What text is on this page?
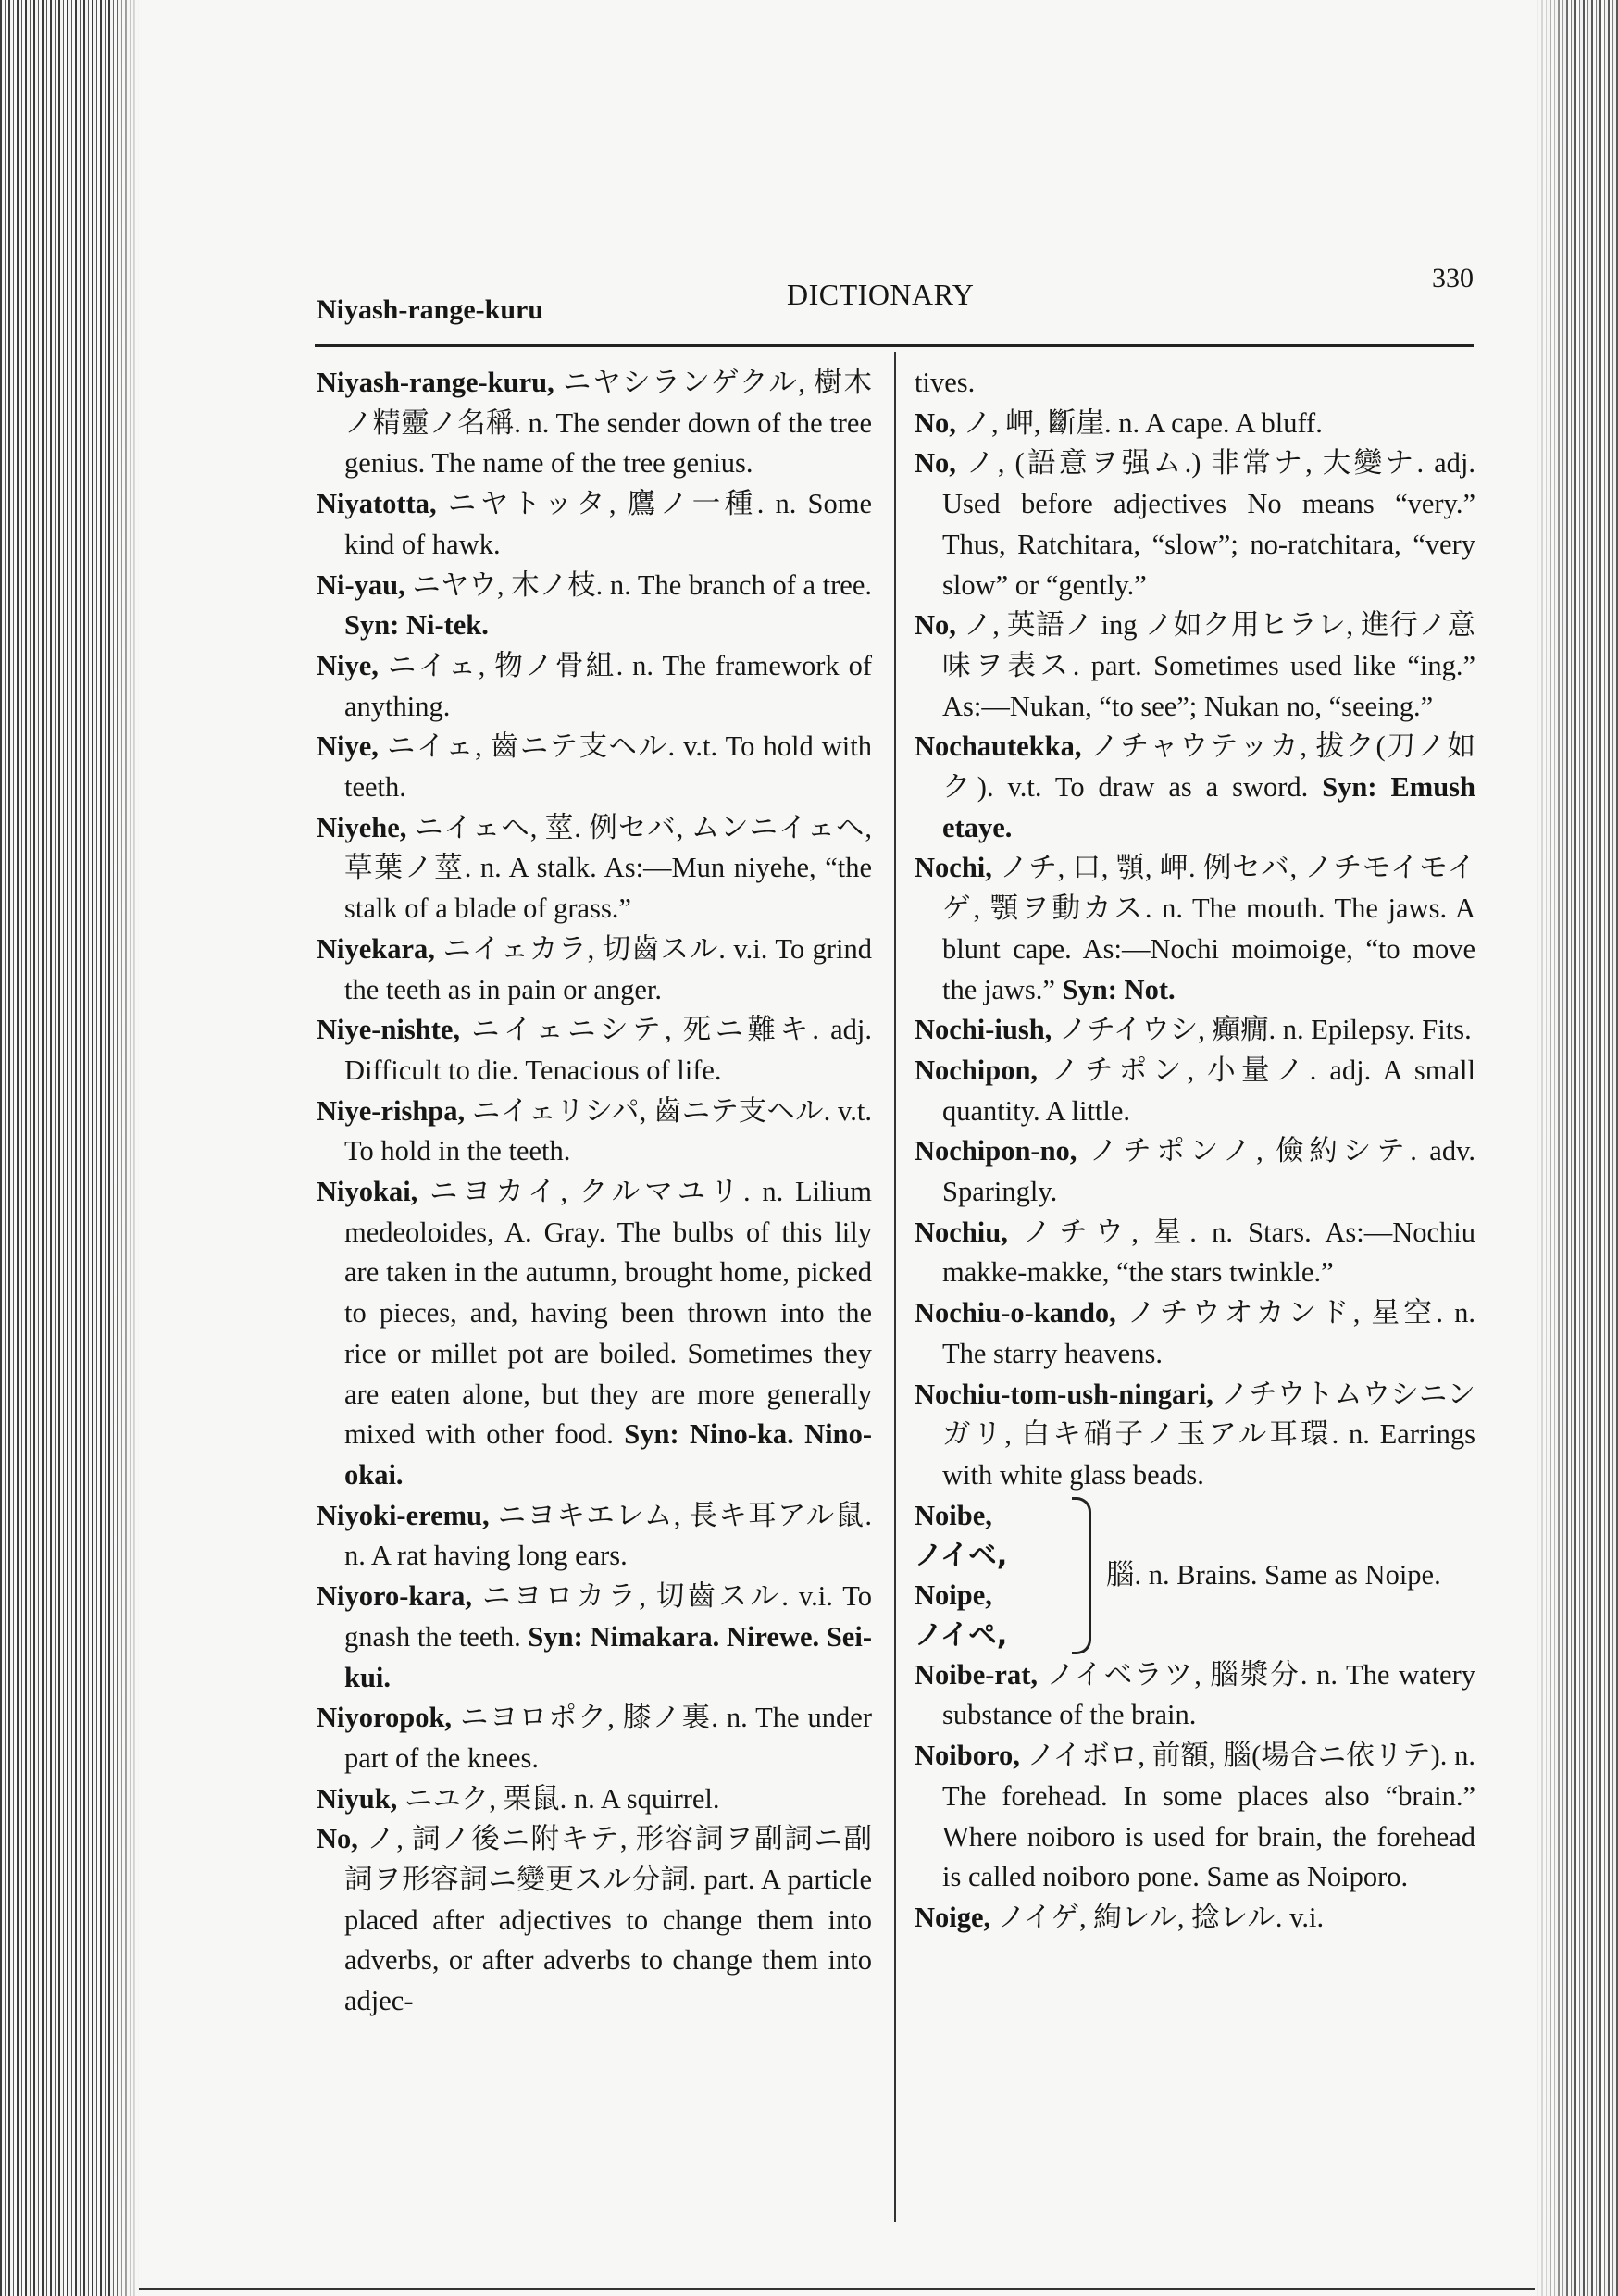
Niyash-range-kuru	DICTIONARY	330

Niyash-range-kuru, ニヤシランゲクル, 樹木ノ精靈ノ名稱. n. The sender down of the tree genius. The name of the tree genius.

Niyatotta, ニヤトッタ, 鷹ノ一種. n. Some kind of hawk.

Ni-yau, ニヤウ, 木ノ枝. n. The branch of a tree. Syn: Ni-tek.

Niye, ニイェ, 物ノ骨組. n. The framework of anything.

Niye, ニイェ, 齒ニテ支ヘル. v.t. To hold with teeth.

Niyehe, ニイェヘ, 莖. 例セバ, ムンニイェヘ, 草葉ノ莖. n. A stalk. As:—Mun niyehe, “the stalk of a blade of grass.”

Niyekara, ニイェカラ, 切齒スル. v.i. To grind the teeth as in pain or anger.

Niye-nishte, ニイェニシテ, 死ニ難キ. adj. Difficult to die. Tenacious of life.

Niye-rishpa, ニイェリシパ, 齒ニテ支ヘル. v.t. To hold in the teeth.

Niyokai, ニヨカイ, クルマユリ. n. Lilium medeoloides, A. Gray. The bulbs of this lily are taken in the autumn, brought home, picked to pieces, and, having been thrown into the rice or millet pot are boiled. Sometimes they are eaten alone, but they are more generally mixed with other food. Syn: Nino-ka. Nino-okai.

Niyoki-eremu, ニヨキエレム, 長キ耳アル鼠. n. A rat having long ears.

Niyoro-kara, ニヨロカラ, 切齒スル. v.i. To gnash the teeth. Syn: Nimakara. Nirewe. Sei-kui.

Niyoropok, ニヨロポク, 膝ノ裏. n. The under part of the knees.

Niyuk, ニユク, 栗鼠. n. A squirrel.

No, ノ, 詞ノ後ニ附キテ, 形容詞ヲ副詞ニ副詞ヲ形容詞ニ變更スル分詞. part. A particle placed after adjectives to change them into adverbs, or after adverbs to change them into adjec-

tives.

No, ノ, 岬, 斷崖. n. A cape. A bluff.

No, ノ, (語意ヲ强ム.) 非常ナ, 大變ナ. adj. Used before adjectives No means “very.” Thus, Ratchitara, “slow”; no-ratchitara, “very slow” or “gently.”

No, ノ, 英語ノ ing ノ如ク用ヒラレ, 進行ノ意味ヲ表ス. part. Sometimes used like “ing.” As:—Nukan, “to see”; Nukan no, “seeing.”

Nochautekka, ノチャウテッカ, 拔ク(刀ノ如ク). v.t. To draw as a sword. Syn: Emush etaye.

Nochi, ノチ, 口, 顎, 岬. 例セバ, ノチモイモイゲ, 顎ヲ動カス. n. The mouth. The jaws. A blunt cape. As:—Nochi moimoige, “to move the jaws.” Syn: Not.

Nochi-iush, ノチイウシ, 癲癇. n. Epilepsy. Fits.

Nochipon, ノチポン, 小量ノ. adj. A small quantity. A little.

Nochipon-no, ノチポンノ, 儉約シテ. adv. Sparingly.

Nochiu, ノチウ, 星. n. Stars. As:—Nochiu makke-makke, “the stars twinkle.”

Nochiu-o-kando, ノチウオカンド, 星空. n. The starry heavens.

Nochiu-tom-ush-ningari, ノチウトムウシニンガリ, 白キ硝子ノ玉アル耳環. n. Earrings with white glass beads.

Noibe,

ノイベ,

Noipe,

ノイペ,

腦. n. Brains. Same as Noipe.

Noibe-rat, ノイベラツ, 腦漿分. n. The watery substance of the brain.

Noiboro, ノイボロ, 前額, 腦(場合ニ依リテ). n. The forehead. In some places also “brain.” Where noiboro is used for brain, the forehead is called noiboro pone. Same as Noiporo.

Noige, ノイゲ, 絢レル, 捻レル. v.i.
